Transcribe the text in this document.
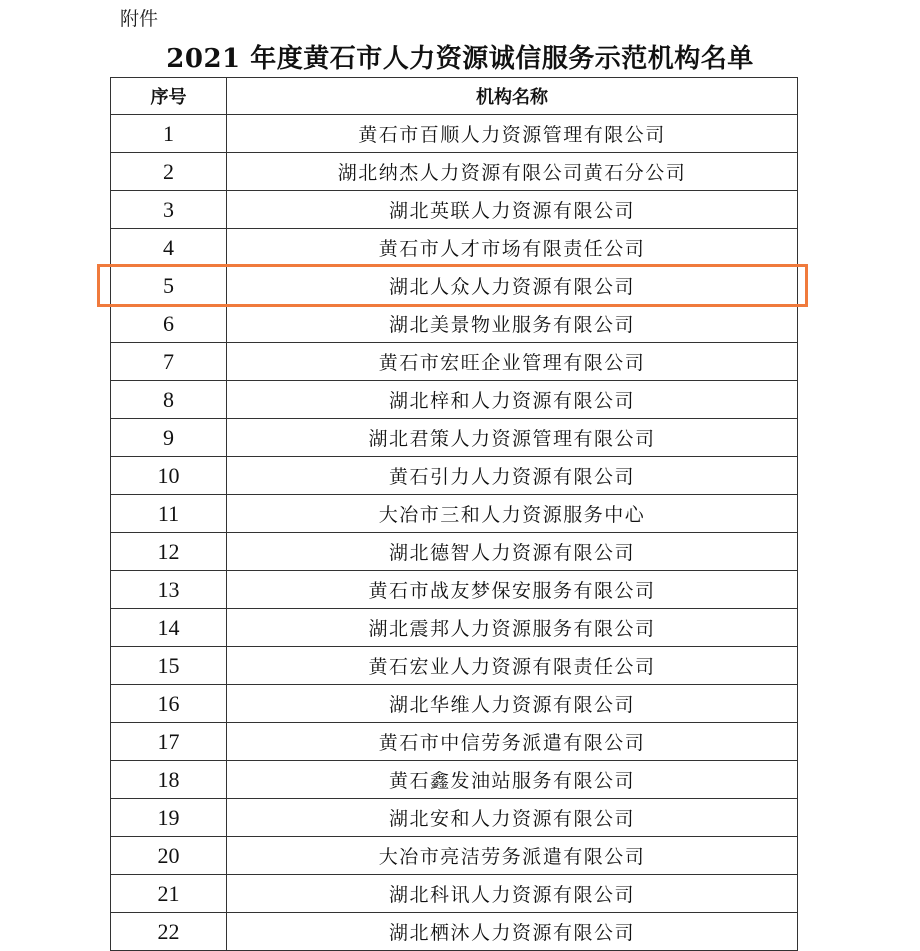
附件
2021 年度黄石市人力资源诚信服务示范机构名单
序号	机构名称
1	黄石市百顺人力资源管理有限公司
2	湖北纳杰人力资源有限公司黄石分公司
3	湖北英联人力资源有限公司
4	黄石市人才市场有限责任公司
5	湖北人众人力资源有限公司
6	湖北美景物业服务有限公司
7	黄石市宏旺企业管理有限公司
8	湖北梓和人力资源有限公司
9	湖北君策人力资源管理有限公司
10	黄石引力人力资源有限公司
11	大冶市三和人力资源服务中心
12	湖北德智人力资源有限公司
13	黄石市战友梦保安服务有限公司
14	湖北震邦人力资源服务有限公司
15	黄石宏业人力资源有限责任公司
16	湖北华维人力资源有限公司
17	黄石市中信劳务派遣有限公司
18	黄石鑫发油站服务有限公司
19	湖北安和人力资源有限公司
20	大冶市亮洁劳务派遣有限公司
21	湖北科讯人力资源有限公司
22	湖北栖沐人力资源有限公司
